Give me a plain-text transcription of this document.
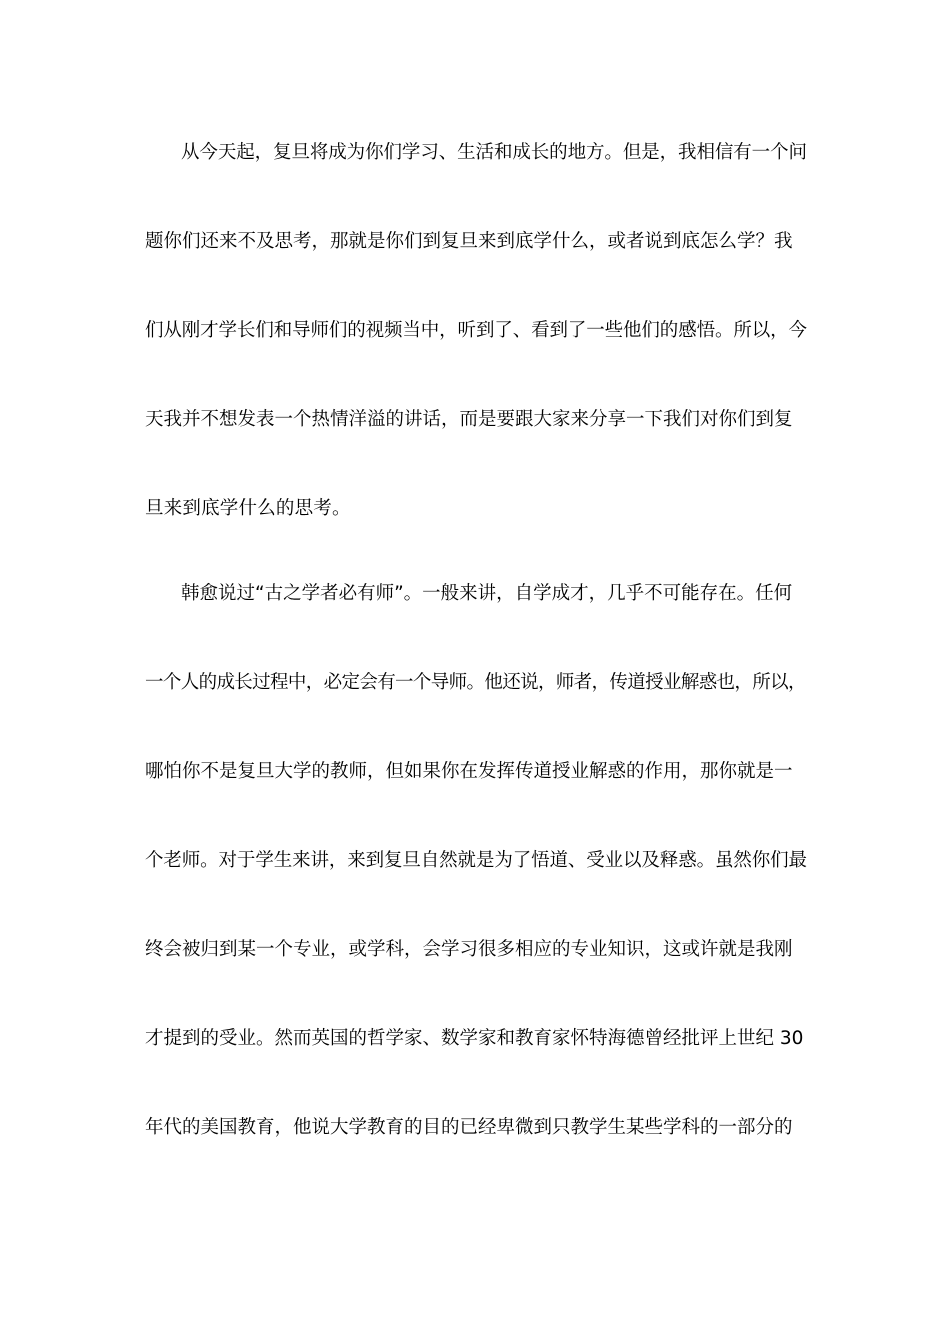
从今天起，复旦将成为你们学习、生活和成长的地方。但是，我相信有一个问
题你们还来不及思考，那就是你们到复旦来到底学什么，或者说到底怎么学？我
们从刚才学长们和导师们的视频当中，听到了、看到了一些他们的感悟。所以，今
天我并不想发表一个热情洋溢的讲话，而是要跟大家来分享一下我们对你们到复
旦来到底学什么的思考。
韩愈说过“古之学者必有师”。一般来讲，自学成才，几乎不可能存在。任何
一个人的成长过程中，必定会有一个导师。他还说，师者，传道授业解惑也，所以，
哪怕你不是复旦大学的教师，但如果你在发挥传道授业解惑的作用，那你就是一
个老师。对于学生来讲，来到复旦自然就是为了悟道、受业以及释惑。虽然你们最
终会被归到某一个专业，或学科，会学习很多相应的专业知识，这或许就是我刚
才提到的受业。然而英国的哲学家、数学家和教育家怀特海德曾经批评上世纪 30
年代的美国教育，他说大学教育的目的已经卑微到只教学生某些学科的一部分的
